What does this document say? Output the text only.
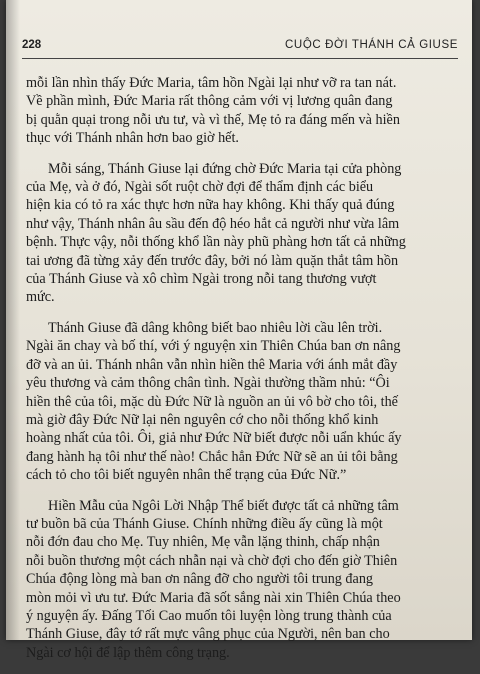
228	CUỘC ĐỜI THÁNH CẢ GIUSE

mỗi lần nhìn thấy Đức Maria, tâm hồn Ngài lại như vỡ ra tan nát.
Về phần mình, Đức Maria rất thông cảm với vị lương quân đang
bị quằn quại trong nỗi ưu tư, và vì thế, Mẹ tỏ ra đáng mến và hiền
thục với Thánh nhân hơn bao giờ hết.

Mỗi sáng, Thánh Giuse lại đứng chờ Đức Maria tại cửa phòng
của Mẹ, và ở đó, Ngài sốt ruột chờ đợi để thẩm định các biểu
hiện kia có tỏ ra xác thực hơn nữa hay không. Khi thấy quả đúng
như vậy, Thánh nhân âu sầu đến độ héo hắt cả người như vừa lâm
bệnh. Thực vậy, nỗi thống khổ lần này phũ phàng hơn tất cả những
tai ương đã từng xảy đến trước đây, bởi nó làm quặn thắt tâm hồn
của Thánh Giuse và xô chìm Ngài trong nỗi tang thương vượt
mức.

Thánh Giuse đã dâng không biết bao nhiêu lời cầu lên trời.
Ngài ăn chay và bố thí, với ý nguyện xin Thiên Chúa ban ơn nâng
đỡ và an ủi. Thánh nhân vẫn nhìn hiền thê Maria với ánh mắt đầy
yêu thương và cảm thông chân tình. Ngài thường thầm nhủ: “Ôi
hiền thê của tôi, mặc dù Đức Nữ là nguồn an ủi vô bờ cho tôi, thế
mà giờ đây Đức Nữ lại nên nguyên cớ cho nỗi thống khổ kinh
hoàng nhất của tôi. Ôi, giả như Đức Nữ biết được nỗi uẩn khúc ấy
đang hành hạ tôi như thế nào! Chắc hẳn Đức Nữ sẽ an ủi tôi bằng
cách tỏ cho tôi biết nguyên nhân thể trạng của Đức Nữ.”

Hiền Mẫu của Ngôi Lời Nhập Thể biết được tất cả những tâm
tư buồn bã của Thánh Giuse. Chính những điều ấy cũng là một
nỗi đớn đau cho Mẹ. Tuy nhiên, Mẹ vẫn lặng thinh, chấp nhận
nỗi buồn thương một cách nhẫn nại và chờ đợi cho đến giờ Thiên
Chúa động lòng mà ban ơn nâng đỡ cho người tôi trung đang
mòn mỏi vì ưu tư. Đức Maria đã sốt sắng nài xin Thiên Chúa theo
ý nguyện ấy. Đấng Tối Cao muốn tôi luyện lòng trung thành của
Thánh Giuse, đây tớ rất mực vâng phục của Người, nên ban cho
Ngài cơ hội để lập thêm công trạng.
